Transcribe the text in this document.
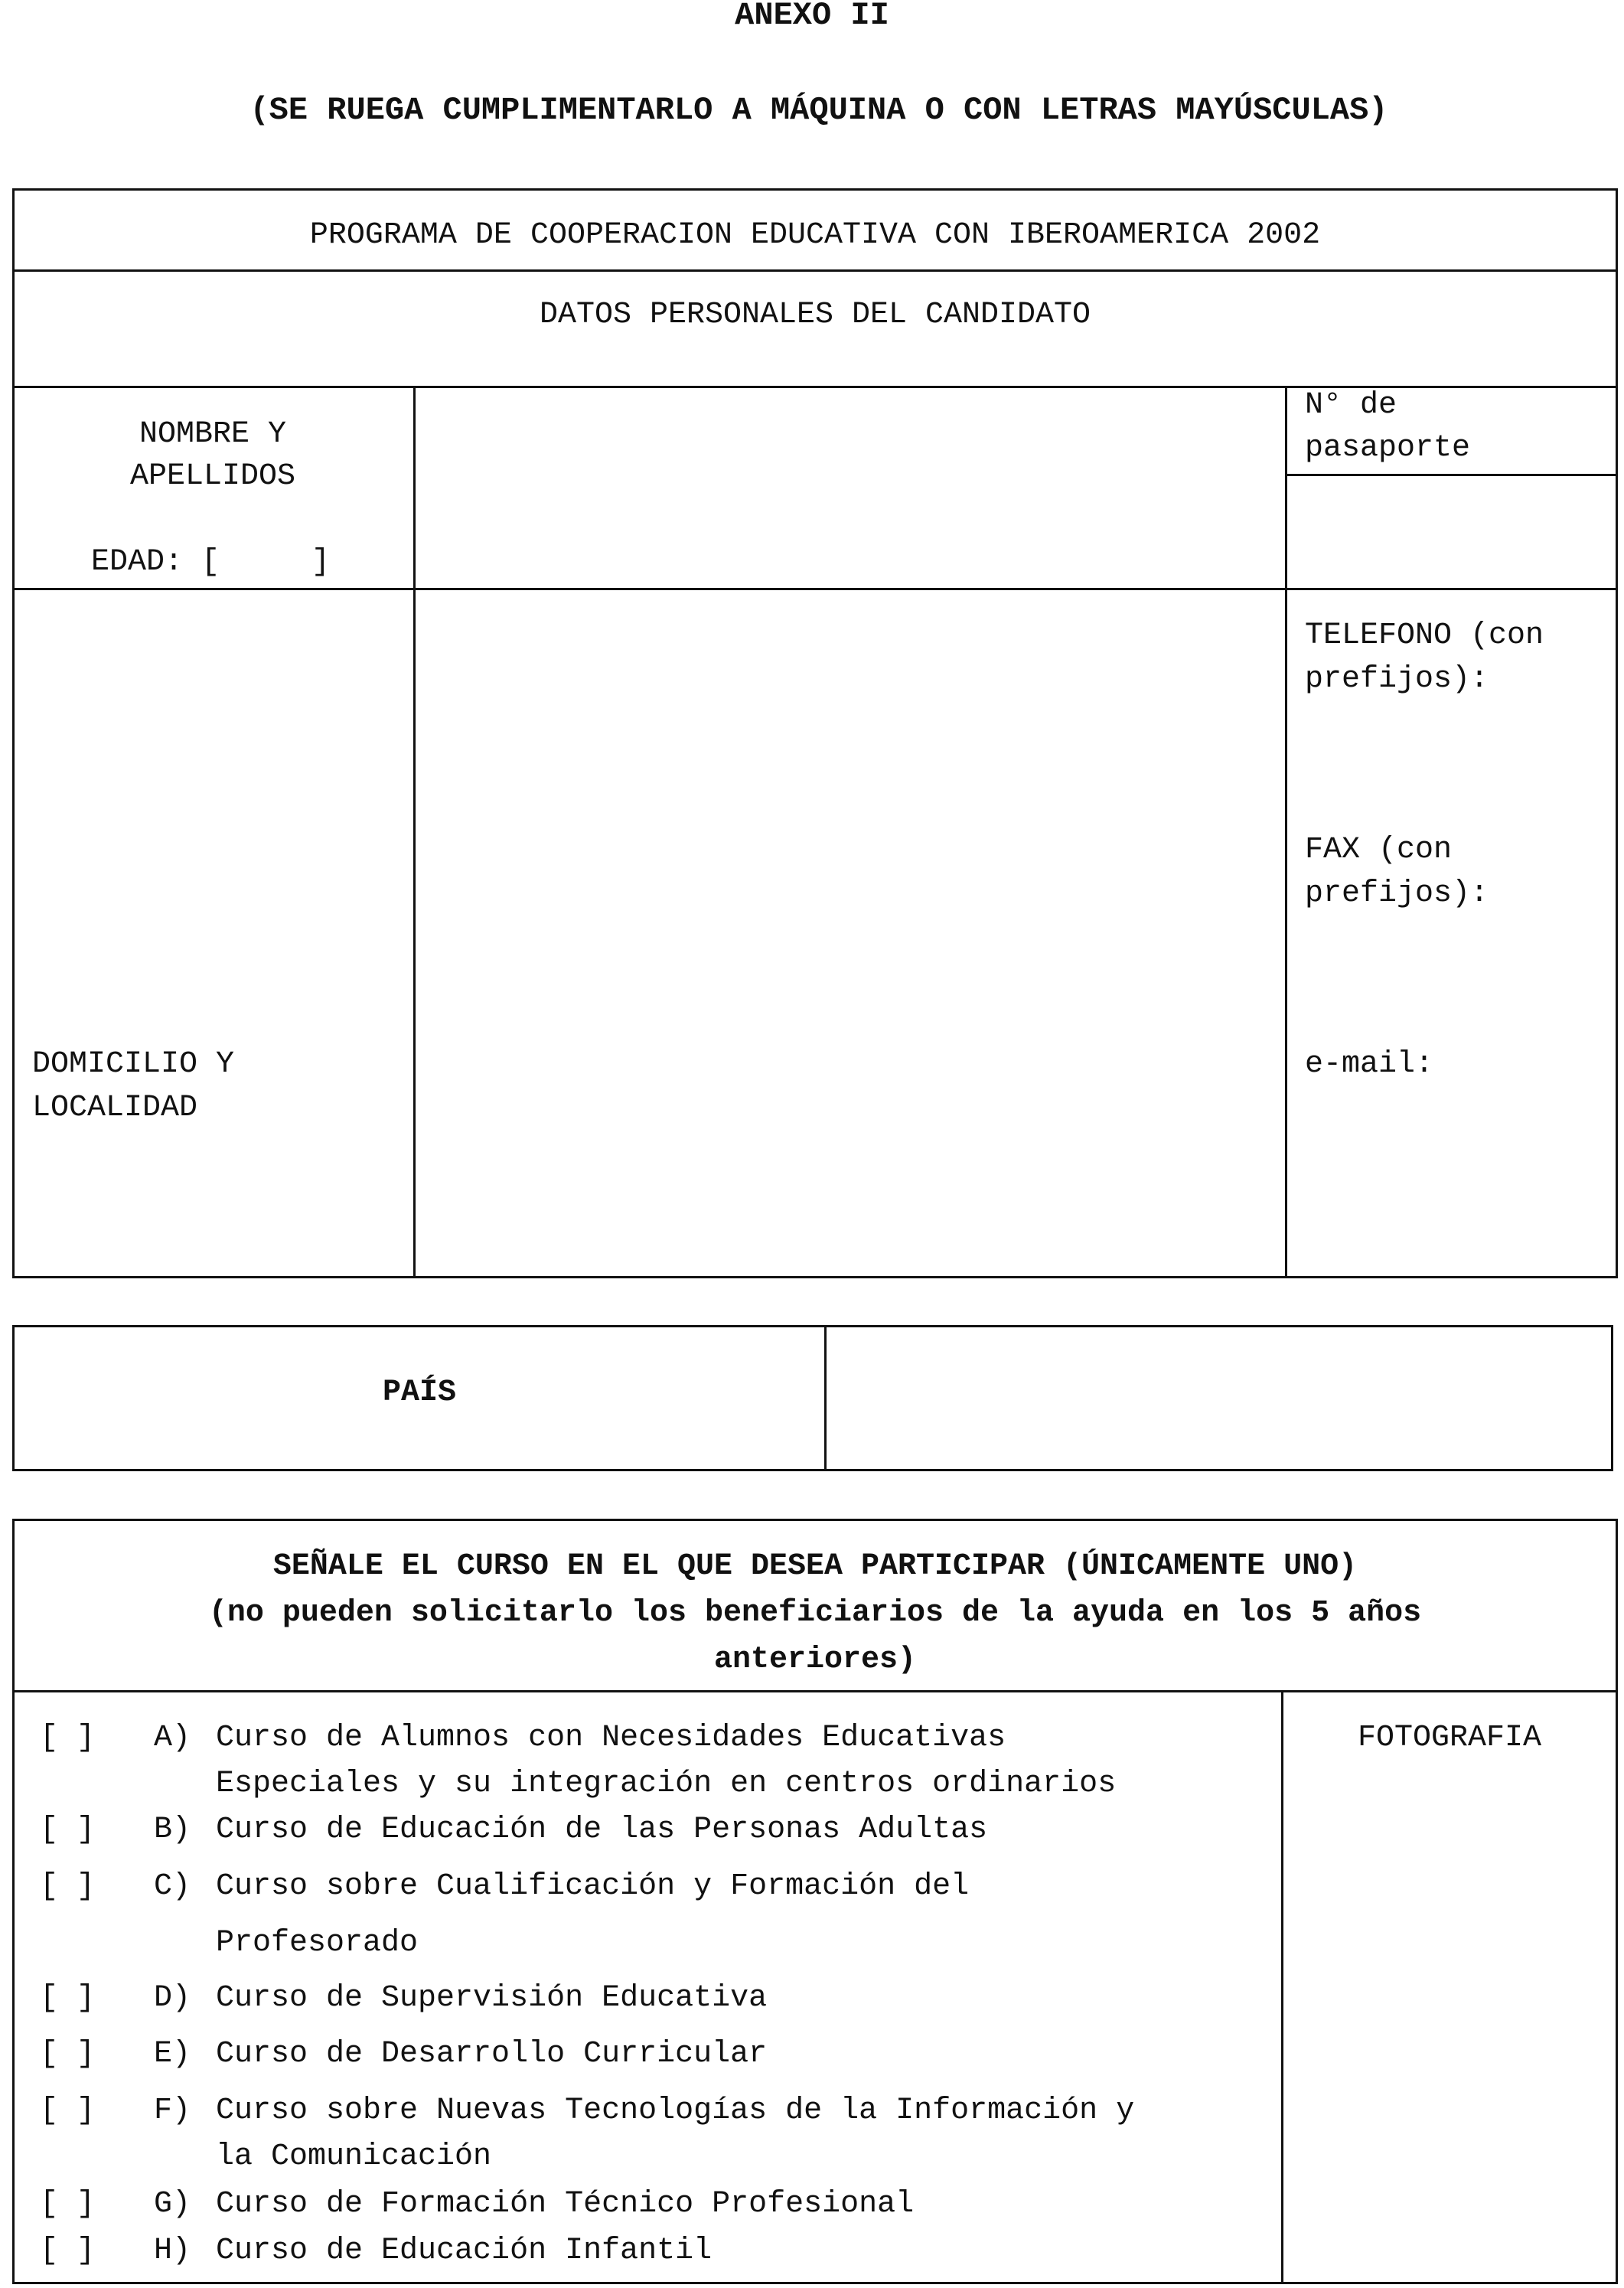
ANEXO II
(SE RUEGA CUMPLIMENTARLO A MÁQUINA O CON LETRAS MAYÚSCULAS)
PROGRAMA DE COOPERACION EDUCATIVA CON IBEROAMERICA 2002
DATOS PERSONALES DEL CANDIDATO
NOMBRE Y
APELLIDOS
EDAD: [     ]
N° de
pasaporte
DOMICILIO Y
LOCALIDAD
TELEFONO (con
prefijos):
FAX (con
prefijos):
e-mail:
PAÍS
SEÑALE EL CURSO EN EL QUE DESEA PARTICIPAR (ÚNICAMENTE UNO)
(no pueden solicitarlo los beneficiarios de la ayuda en los 5 años
anteriores)
FOTOGRAFIA
[ ] A) Curso de Alumnos con Necesidades Educativas
Especiales y su integración en centros ordinarios
[ ] B) Curso de Educación de las Personas Adultas
[ ] C) Curso sobre Cualificación y Formación del
Profesorado
[ ] D) Curso de Supervisión Educativa
[ ] E) Curso de Desarrollo Curricular
[ ] F) Curso sobre Nuevas Tecnologías de la Información y
la Comunicación
[ ] G) Curso de Formación Técnico Profesional
[ ] H) Curso de Educación Infantil
